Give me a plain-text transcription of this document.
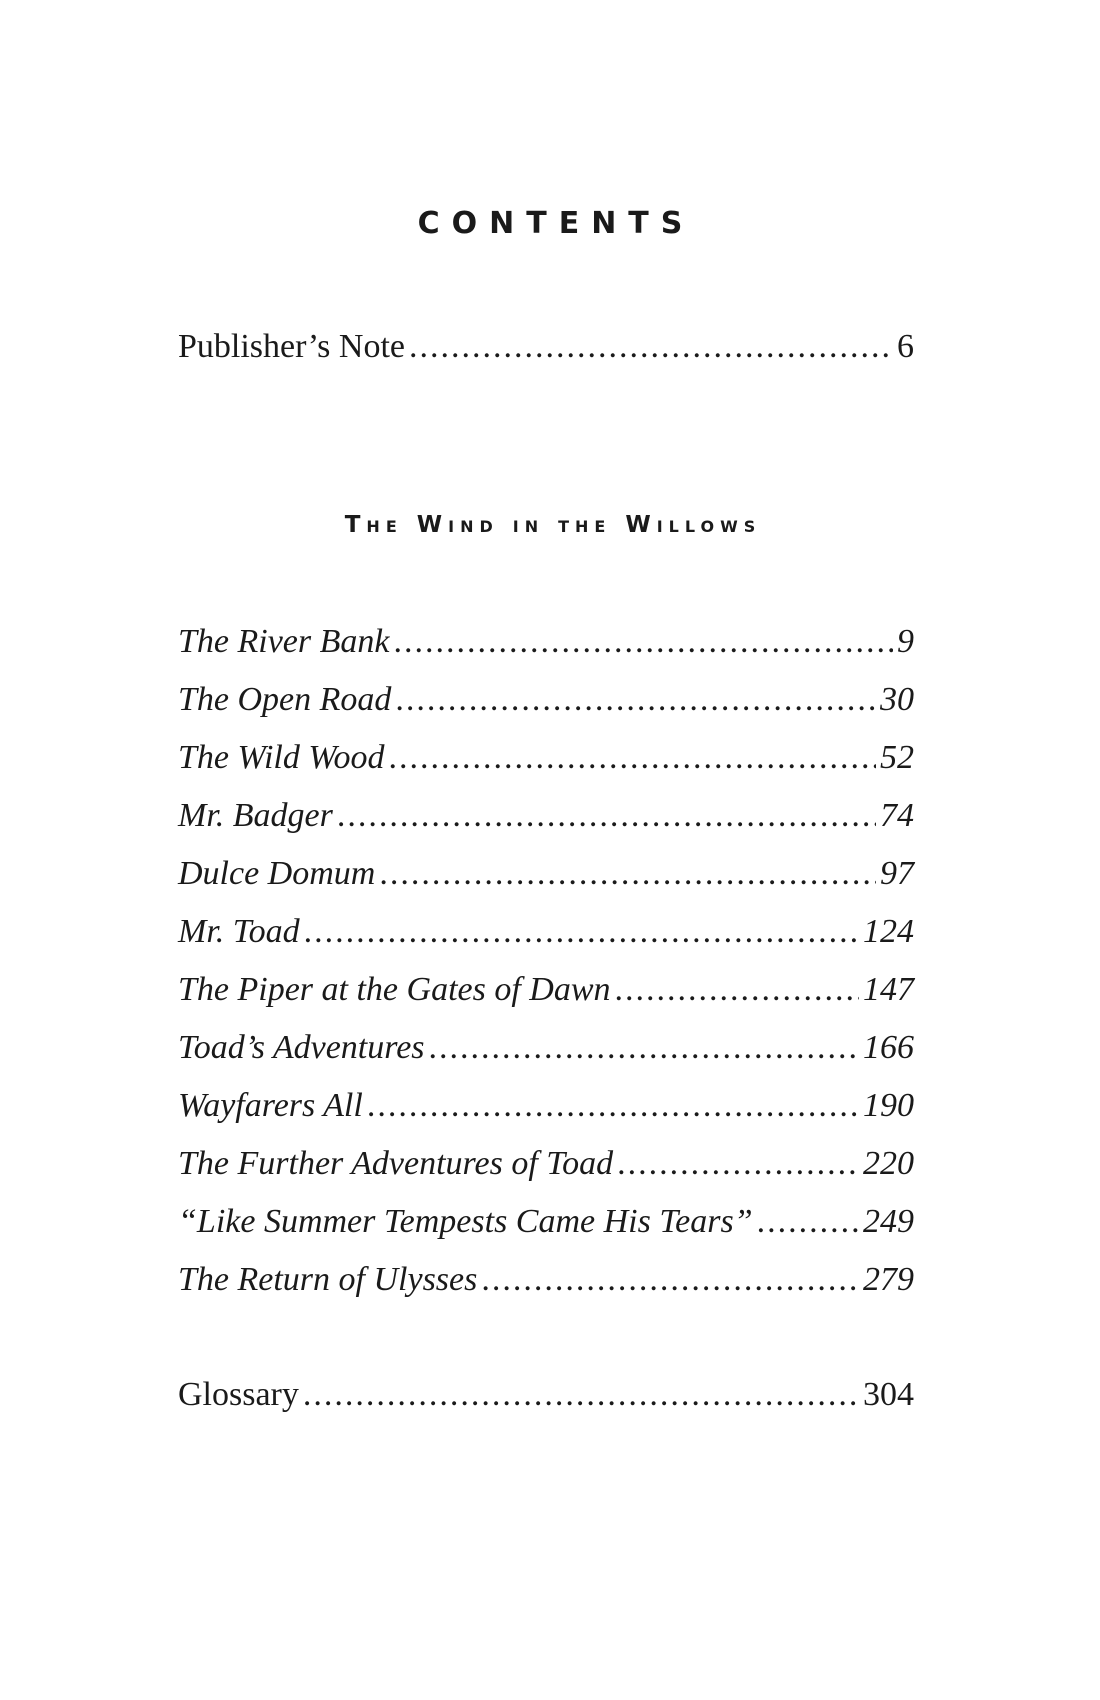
CONTENTS
Publisher’s Note .....	6
The Wind in the Willows
The River Bank .....	9
The Open Road .....	30
The Wild Wood .....	52
Mr. Badger .....	74
Dulce Domum .....	97
Mr. Toad .....	124
The Piper at the Gates of Dawn .....	147
Toad’s Adventures .....	166
Wayfarers All .....	190
The Further Adventures of Toad .....	220
“Like Summer Tempests Came His Tears” .....	249
The Return of Ulysses .....	279
Glossary .....	304
